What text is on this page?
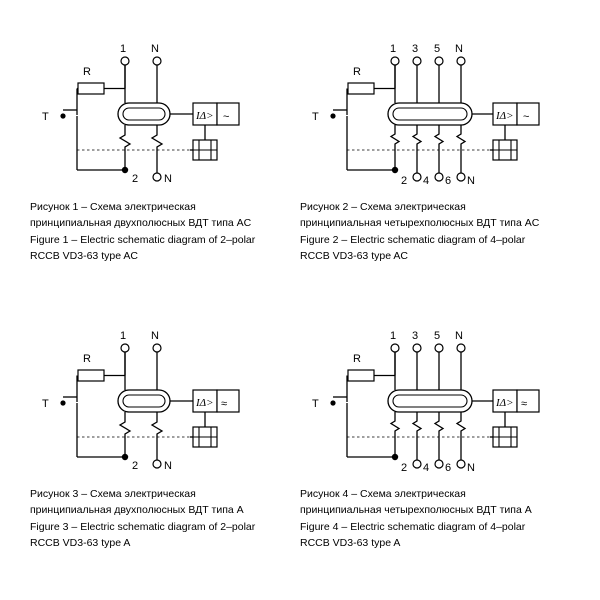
T
R
1 N
2 N
IΔ> ~
Рисунок 1 – Схема электрическая
принципиальная двухполюсных ВДТ типа AC
Figure 1 – Electric schematic diagram of 2–polar
RCCB VD3-63 type AC
T
R
1 3 5 N
2 4 6 N
IΔ> ~
Рисунок 2 – Схема электрическая
принципиальная четырехполюсных ВДТ типа AC
Figure 2 – Electric schematic diagram of 4–polar
RCCB VD3-63 type AC
T
R
1 N
2 N
IΔ> ≈
Рисунок 3 – Схема электрическая
принципиальная двухполюсных ВДТ типа A
Figure 3 – Electric schematic diagram of 2–polar
RCCB VD3-63 type A
T
R
1 3 5 N
2 4 6 N
IΔ> ≈
Рисунок 4 – Схема электрическая
принципиальная четырехполюсных ВДТ типа A
Figure 4 – Electric schematic diagram of 4–polar
RCCB VD3-63 type A
